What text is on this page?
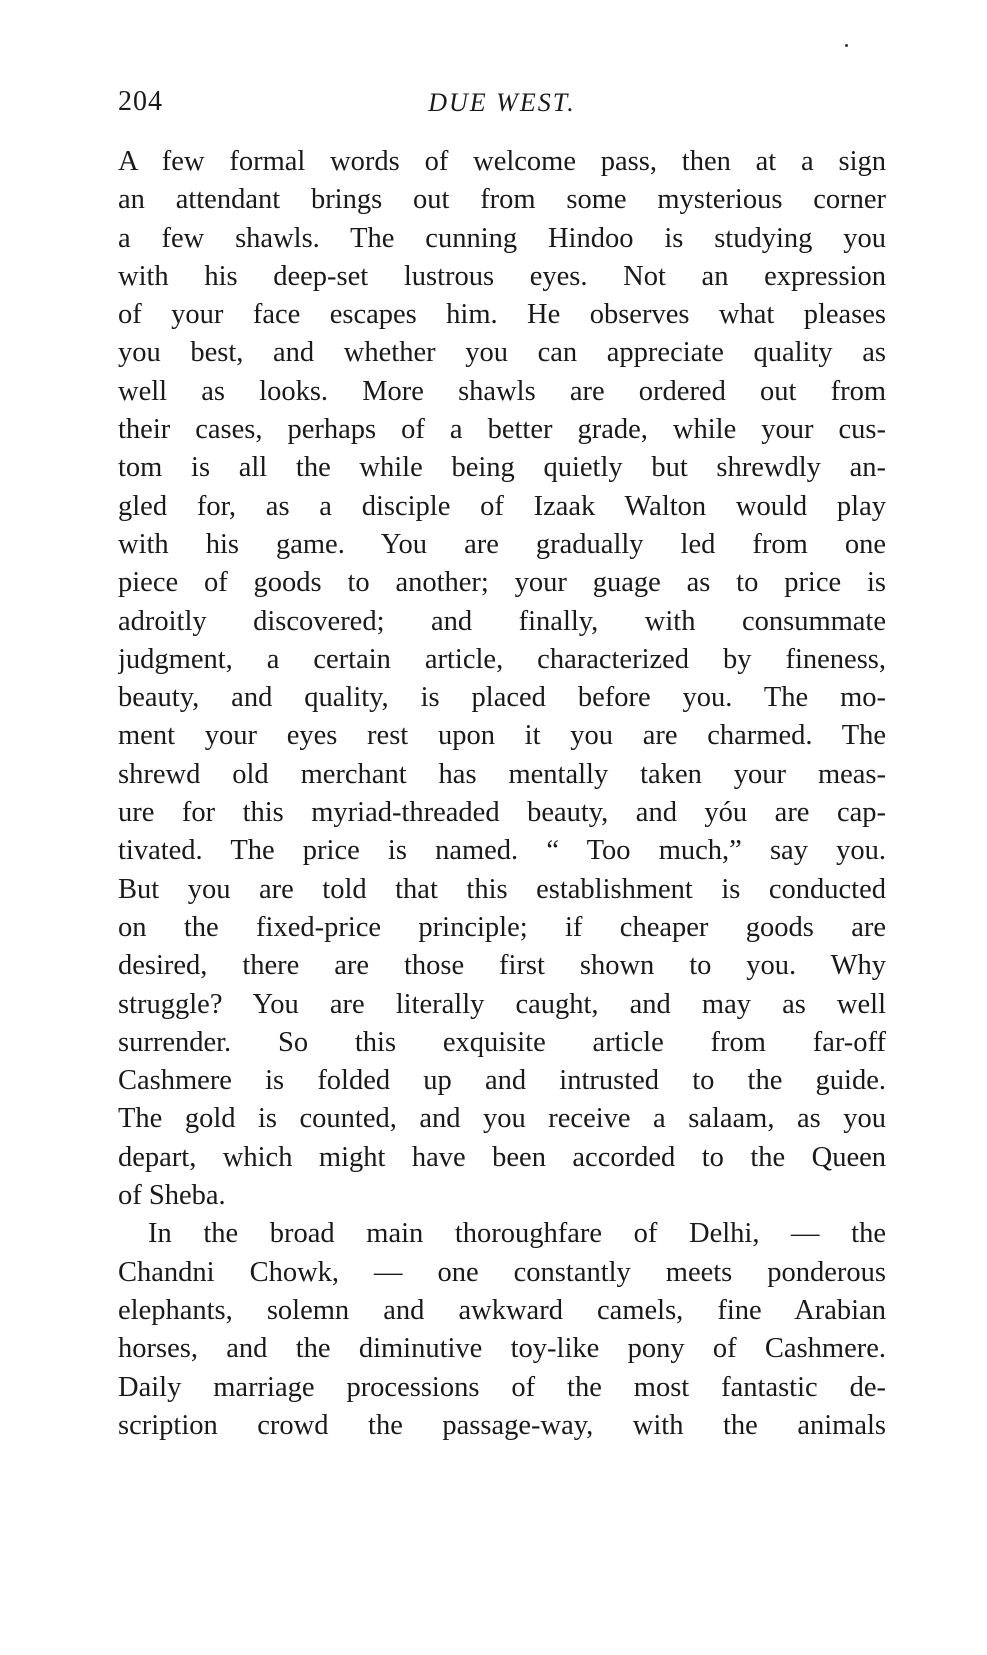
204	DUE WEST.
A few formal words of welcome pass, then at a sign
an attendant brings out from some mysterious corner
a few shawls. The cunning Hindoo is studying you
with his deep-set lustrous eyes. Not an expression
of your face escapes him. He observes what pleases
you best, and whether you can appreciate quality as
well as looks. More shawls are ordered out from
their cases, perhaps of a better grade, while your cus-
tom is all the while being quietly but shrewdly an-
gled for, as a disciple of Izaak Walton would play
with his game. You are gradually led from one
piece of goods to another; your guage as to price is
adroitly discovered; and finally, with consummate
judgment, a certain article, characterized by fineness,
beauty, and quality, is placed before you. The mo-
ment your eyes rest upon it you are charmed. The
shrewd old merchant has mentally taken your meas-
ure for this myriad-threaded beauty, and yóu are cap-
tivated. The price is named. “ Too much,” say you.
But you are told that this establishment is conducted
on the fixed-price principle; if cheaper goods are
desired, there are those first shown to you. Why
struggle? You are literally caught, and may as well
surrender. So this exquisite article from far-off
Cashmere is folded up and intrusted to the guide.
The gold is counted, and you receive a salaam, as you
depart, which might have been accorded to the Queen
of Sheba.
In the broad main thoroughfare of Delhi, — the
Chandni Chowk, — one constantly meets ponderous
elephants, solemn and awkward camels, fine Arabian
horses, and the diminutive toy-like pony of Cashmere.
Daily marriage processions of the most fantastic de-
scription crowd the passage-way, with the animals
